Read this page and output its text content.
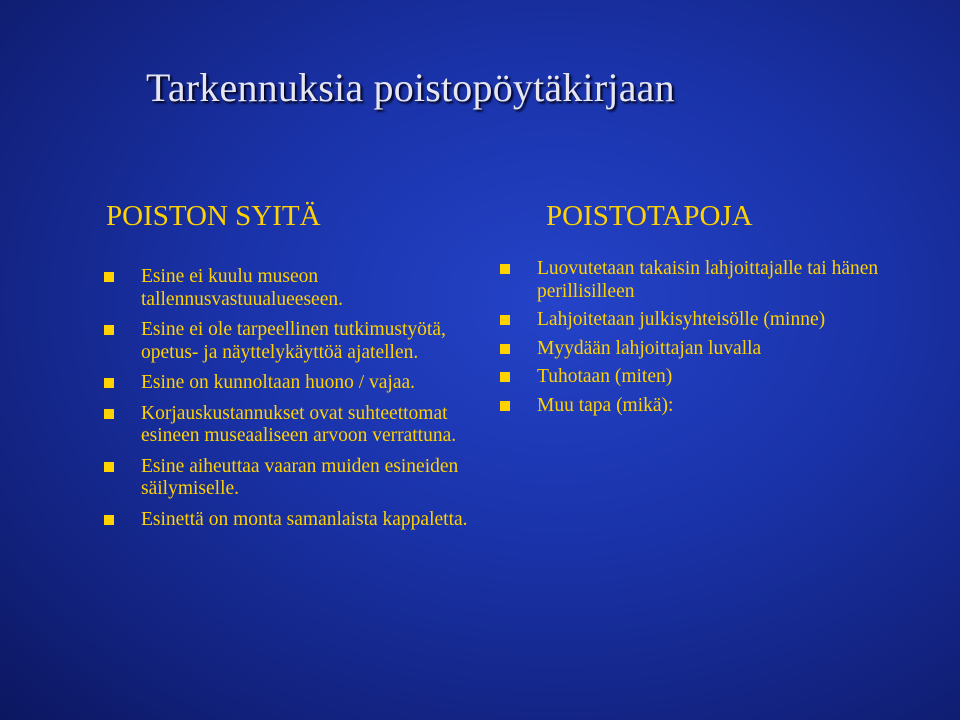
Tarkennuksia poistopöytäkirjaan
POISTON SYITÄ
Esine ei kuulu museon tallennusvastuualueeseen.
Esine ei ole tarpeellinen tutkimustyötä, opetus- ja näyttelykäyttöä ajatellen.
Esine on kunnoltaan huono / vajaa.
Korjauskustannukset ovat suhteettomat esineen museaaliseen arvoon verrattuna.
Esine aiheuttaa vaaran muiden esineiden säilymiselle.
Esinettä on monta samanlaista kappaletta.
POISTOTAPOJA
Luovutetaan takaisin lahjoittajalle tai hänen perillisilleen
Lahjoitetaan julkisyhteisölle (minne)
Myydään lahjoittajan luvalla
Tuhotaan (miten)
Muu tapa (mikä):
